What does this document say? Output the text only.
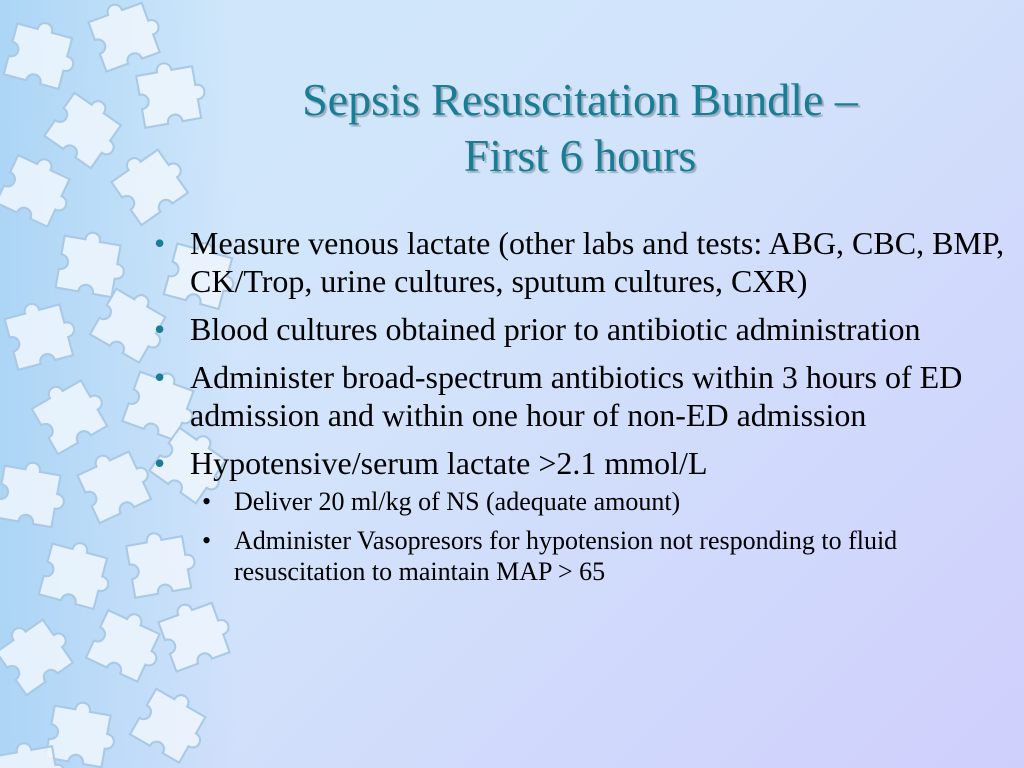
Sepsis Resuscitation Bundle –
First 6 hours
• Measure venous lactate (other labs and tests: ABG, CBC, BMP, CK/Trop, urine cultures, sputum cultures, CXR)
• Blood cultures obtained prior to antibiotic administration
• Administer broad-spectrum antibiotics within 3 hours of ED admission and within one hour of non-ED admission
• Hypotensive/serum lactate >2.1 mmol/L
• Deliver 20 ml/kg of NS (adequate amount)
• Administer Vasopresors for hypotension not responding to fluid resuscitation to maintain MAP > 65
